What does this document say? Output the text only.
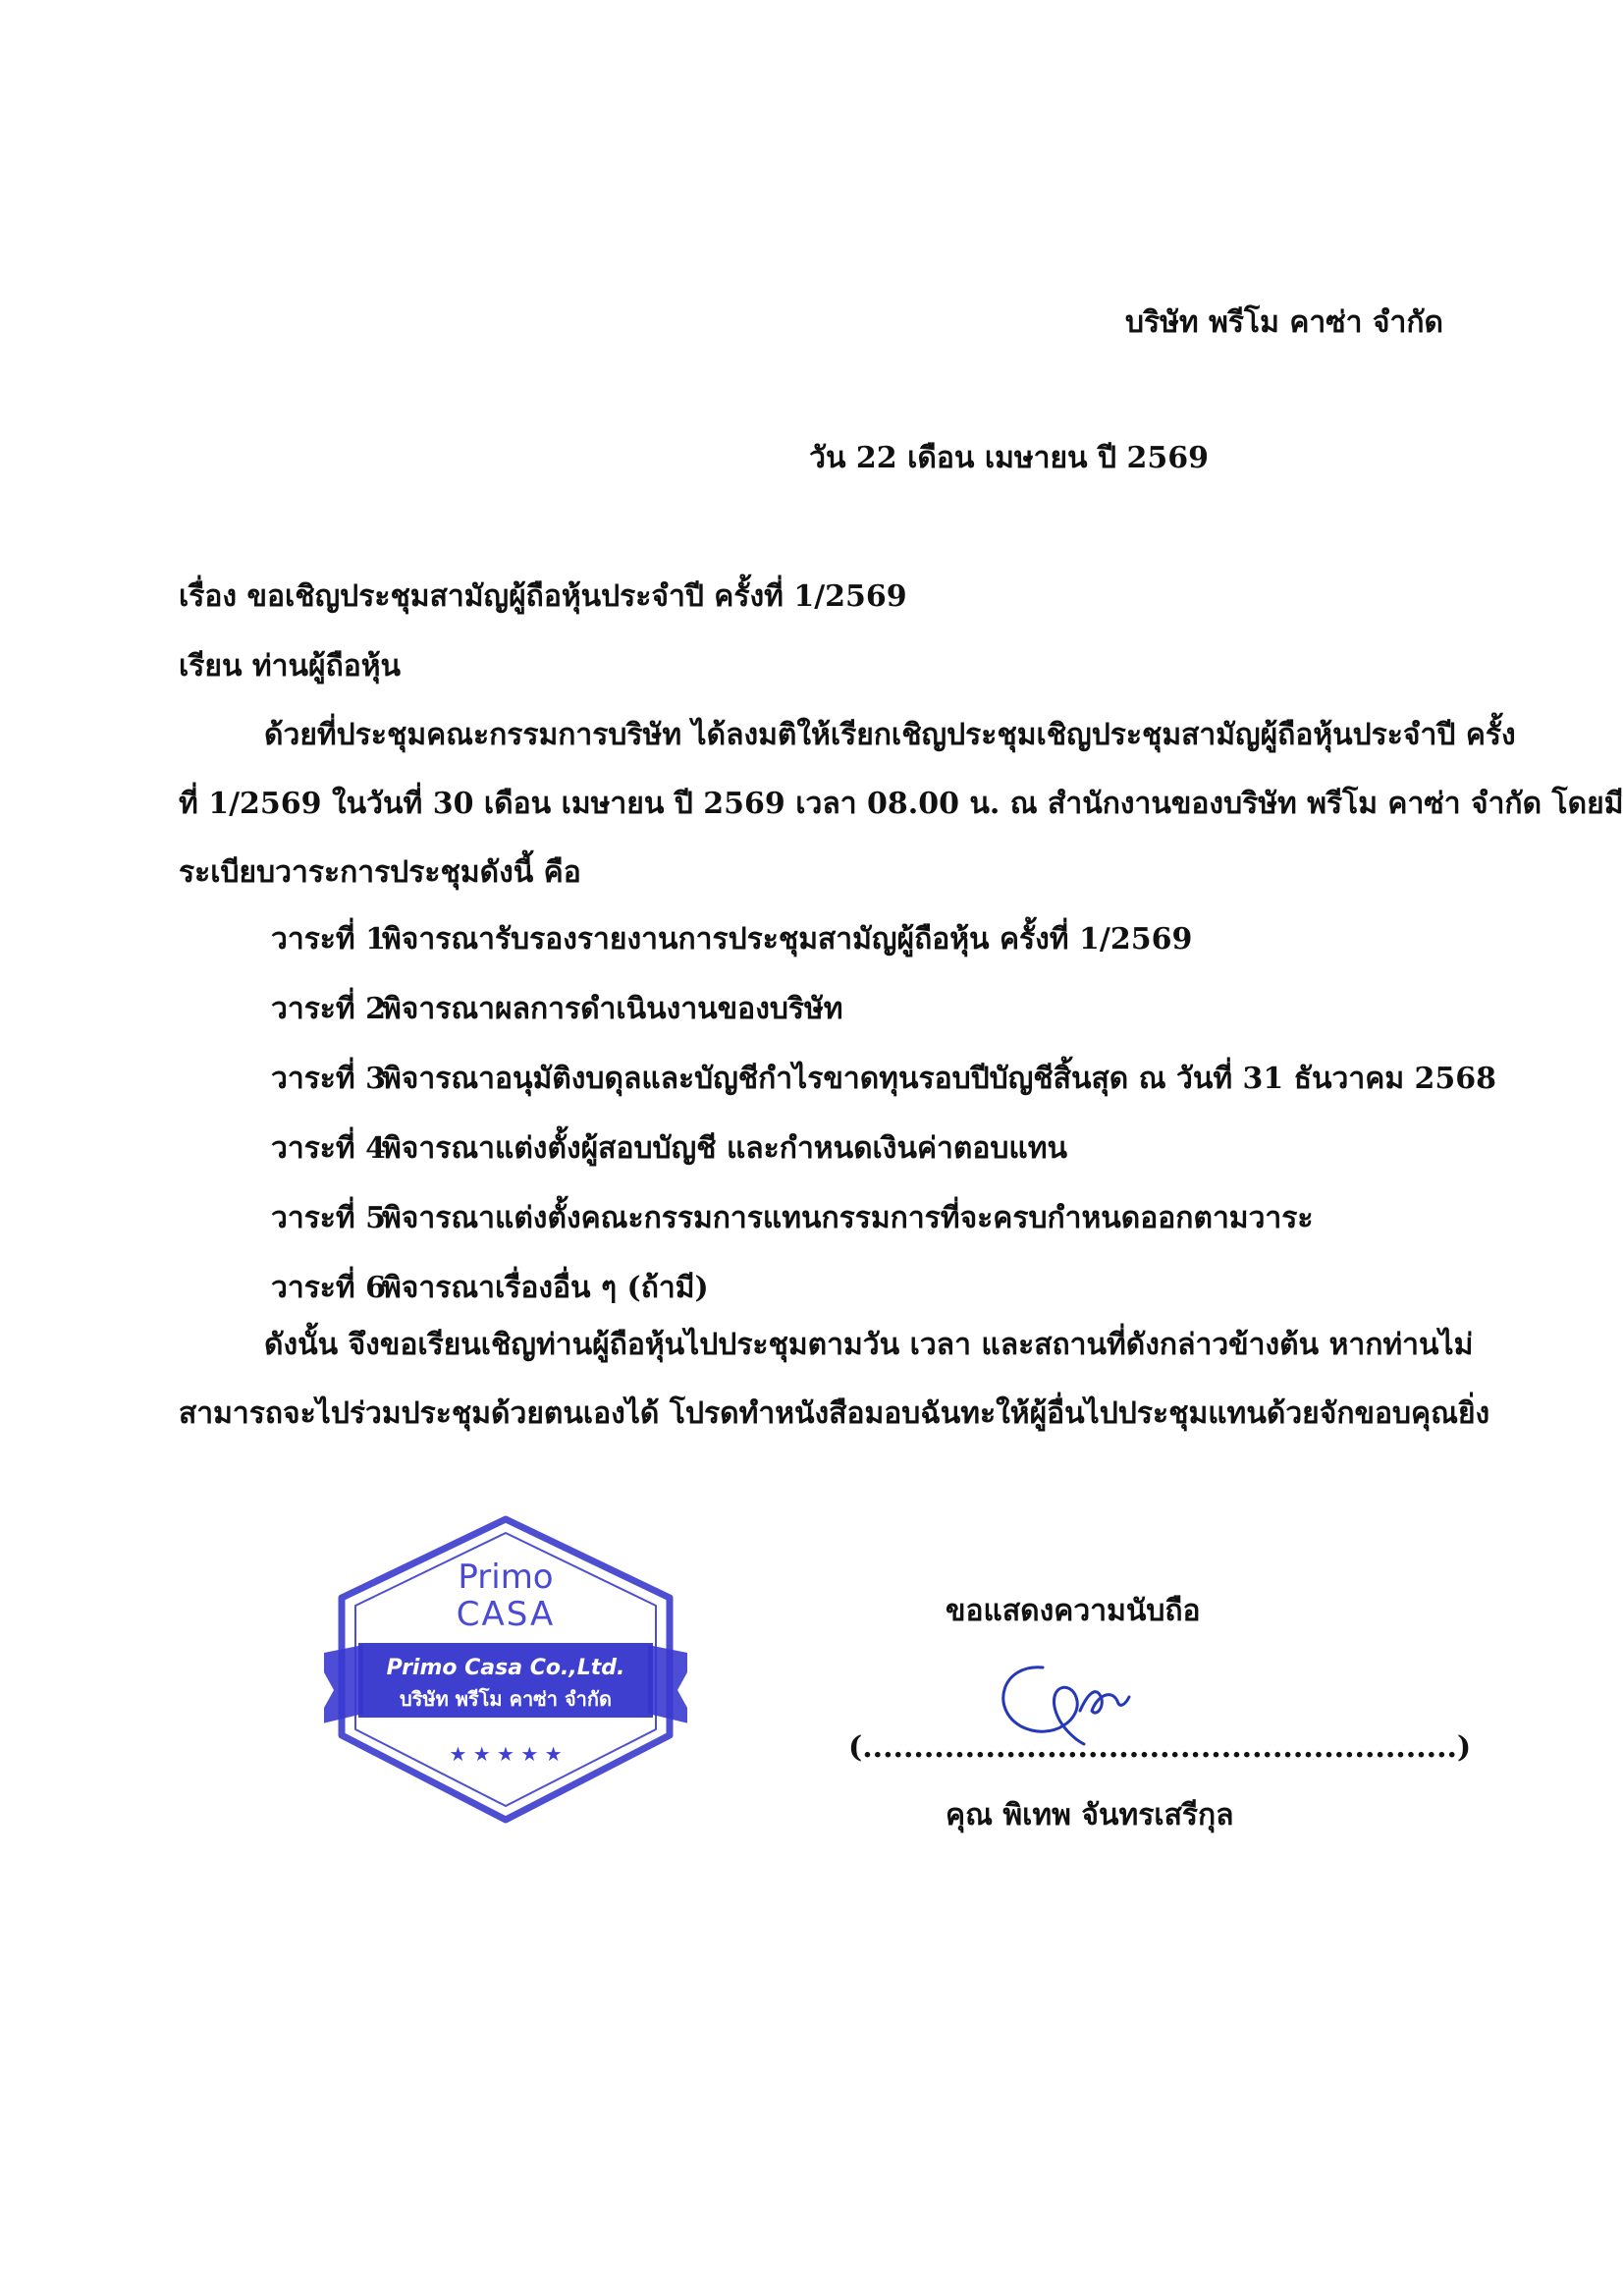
บริษัท พรีโม คาซ่า จำกัด
วัน 22 เดือน เมษายน ปี 2569
เรื่อง ขอเชิญประชุมสามัญผู้ถือหุ้นประจำปี ครั้งที่ 1/2569
เรียน ท่านผู้ถือหุ้น
ด้วยที่ประชุมคณะกรรมการบริษัท ได้ลงมติให้เรียกเชิญประชุมเชิญประชุมสามัญผู้ถือหุ้นประจำปี ครั้ง
ที่ 1/2569 ในวันที่ 30 เดือน เมษายน ปี 2569 เวลา 08.00 น. ณ สำนักงานของบริษัท พรีโม คาซ่า จำกัด โดยมี
ระเบียบวาระการประชุมดังนี้ คือ
วาระที่ 1
พิจารณารับรองรายงานการประชุมสามัญผู้ถือหุ้น ครั้งที่ 1/2569
วาระที่ 2
พิจารณาผลการดำเนินงานของบริษัท
วาระที่ 3
พิจารณาอนุมัติงบดุลและบัญชีกำไรขาดทุนรอบปีบัญชีสิ้นสุด ณ วันที่ 31 ธันวาคม 2568
วาระที่ 4
พิจารณาแต่งตั้งผู้สอบบัญชี และกำหนดเงินค่าตอบแทน
วาระที่ 5
พิจารณาแต่งตั้งคณะกรรมการแทนกรรมการที่จะครบกำหนดออกตามวาระ
วาระที่ 6
พิจารณาเรื่องอื่น ๆ (ถ้ามี)
ดังนั้น จึงขอเรียนเชิญท่านผู้ถือหุ้นไปประชุมตามวัน เวลา และสถานที่ดังกล่าวข้างต้น หากท่านไม่
สามารถจะไปร่วมประชุมด้วยตนเองได้ โปรดทำหนังสือมอบฉันทะให้ผู้อื่นไปประชุมแทนด้วยจักขอบคุณยิ่ง
Primo
CASA
Primo Casa Co.,Ltd.
บริษัท พรีโม คาซ่า จำกัด
★ ★ ★ ★ ★
ขอแสดงความนับถือ
(..........................................................)
คุณ พิเทพ จันทรเสรีกุล
